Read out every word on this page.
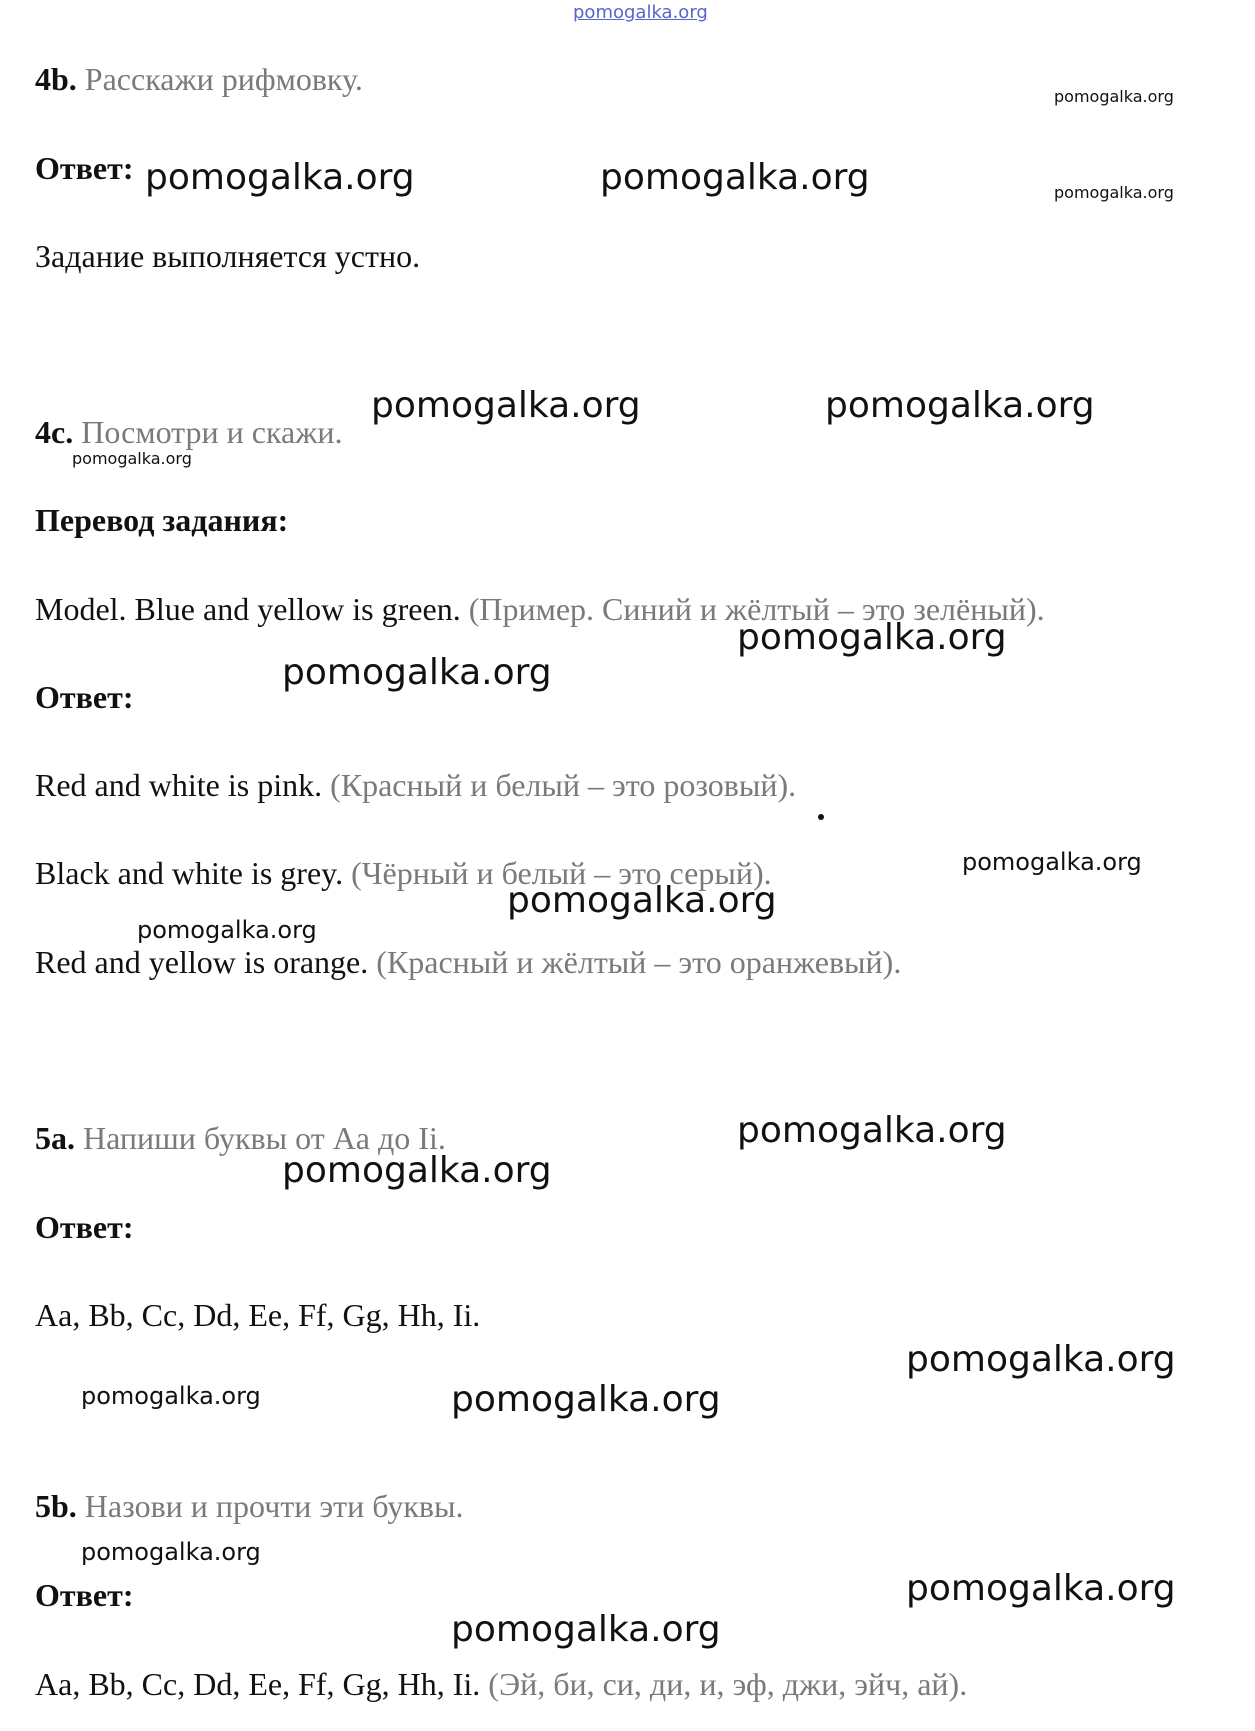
pomogalka.org
4b. Расскажи рифмовку.
Ответ:
Задание выполняется устно.
4c. Посмотри и скажи.
Перевод задания:
Model. Blue and yellow is green. (Пример. Синий и жёлтый – это зелёный).
Ответ:
Red and white is pink. (Красный и белый – это розовый).
Black and white is grey. (Чёрный и белый – это серый).
Red and yellow is orange. (Красный и жёлтый – это оранжевый).
5a. Напиши буквы от Aa до Ii.
Ответ:
Aa, Bb, Cc, Dd, Ee, Ff, Gg, Hh, Ii.
5b. Назови и прочти эти буквы.
Ответ:
Aa, Bb, Cc, Dd, Ee, Ff, Gg, Hh, Ii. (Эй, би, си, ди, и, эф, джи, эйч, ай).
pomogalka.org
pomogalka.org	pomogalka.org	pomogalka.org
pomogalka.org	pomogalka.org
pomogalka.org
pomogalka.org
pomogalka.org
pomogalka.org
pomogalka.org
pomogalka.org
pomogalka.org
pomogalka.org
pomogalka.org
pomogalka.org	pomogalka.org
pomogalka.org
pomogalka.org
pomogalka.org
